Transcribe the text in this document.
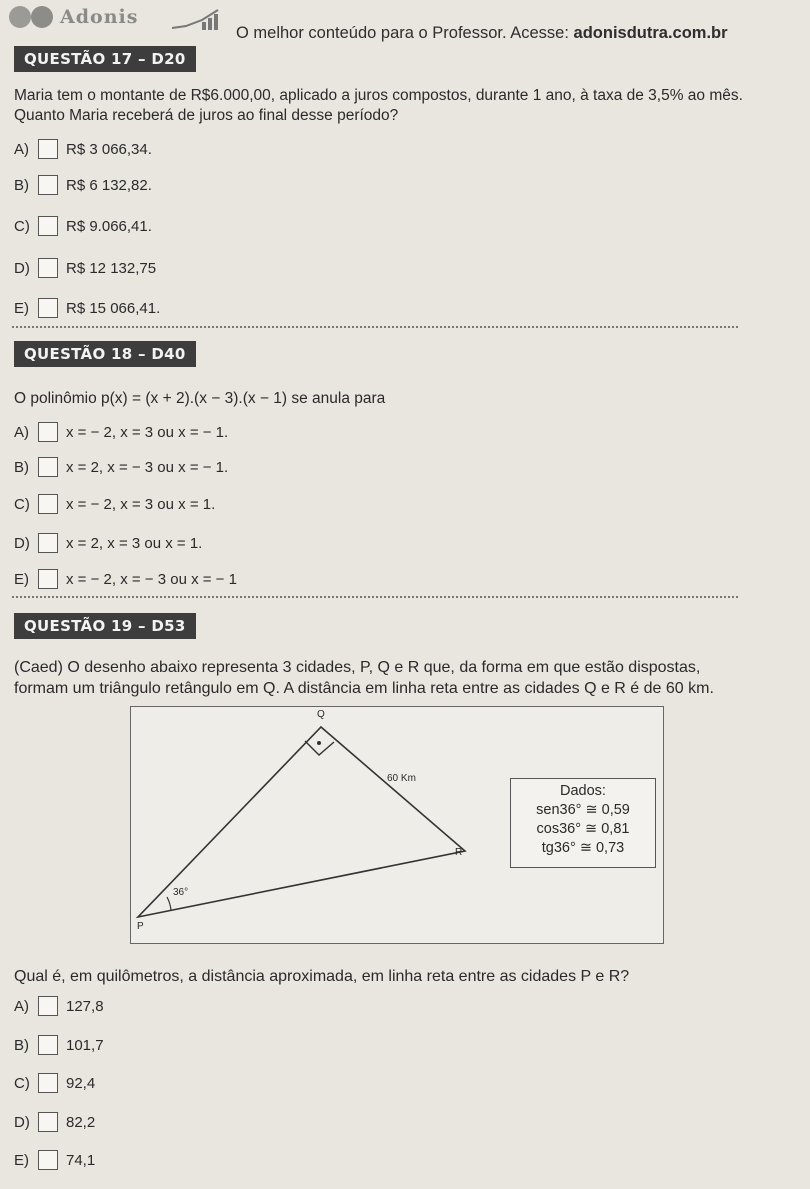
Adonis
O melhor conteúdo para o Professor. Acesse: adonisdutra.com.br
QUESTÃO 17 – D20
Maria tem o montante de R$6.000,00, aplicado a juros compostos, durante 1 ano, à taxa de 3,5% ao mês.
Quanto Maria receberá de juros ao final desse período?
A)	R$ 3 066,34.
B)	R$ 6 132,82.
C)	R$ 9.066,41.
D)	R$ 12 132,75
E)	R$ 15 066,41.
QUESTÃO 18 – D40
O polinômio p(x) = (x + 2).(x − 3).(x − 1) se anula para
A)	x = − 2, x = 3 ou x = − 1.
B)	x = 2, x = − 3 ou x = − 1.
C)	x = − 2, x = 3 ou x = 1.
D)	x = 2, x = 3 ou x = 1.
E)	x = − 2, x = − 3 ou x = − 1
QUESTÃO 19 – D53
(Caed) O desenho abaixo representa 3 cidades, P, Q e R que, da forma em que estão dispostas,
formam um triângulo retângulo em Q. A distância em linha reta entre as cidades Q e R é de 60 km.
Q
R
P
60 Km
36°
Dados:
sen36° ≅ 0,59
cos36° ≅ 0,81
tg36° ≅ 0,73
Qual é, em quilômetros, a distância aproximada, em linha reta entre as cidades P e R?
A)	127,8
B)	101,7
C)	92,4
D)	82,2
E)	74,1
